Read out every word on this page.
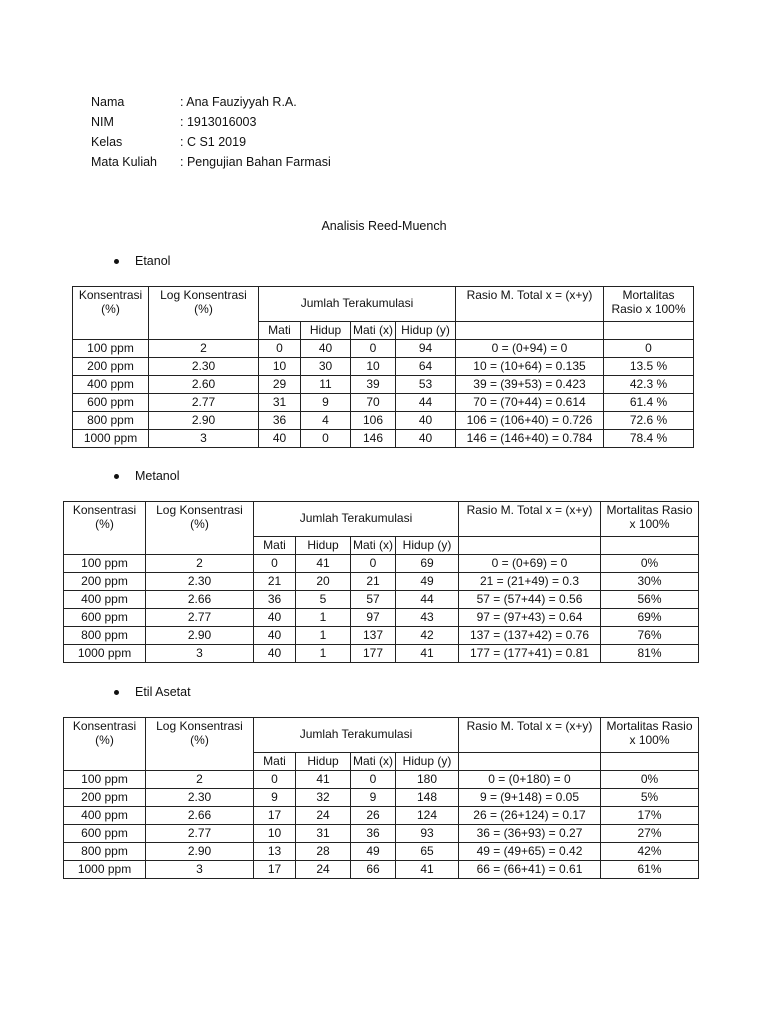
Nama	: Ana Fauziyyah R.A.
NIM	: 1913016003
Kelas	: C S1 2019
Mata Kuliah	: Pengujian Bahan Farmasi
Analisis Reed-Muench
Etanol
Konsentrasi (%)	Log Konsentrasi (%)	Jumlah Terakumulasi				Rasio M. Total x = (x+y)	Mortalitas Rasio x 100%
		Mati	Hidup	Mati (x)	Hidup (y)		
100 ppm	2	0	40	0	94	0 = (0+94) = 0	0
200 ppm	2.30	10	30	10	64	10 = (10+64) = 0.135	13.5 %
400 ppm	2.60	29	11	39	53	39 = (39+53) = 0.423	42.3 %
600 ppm	2.77	31	9	70	44	70 = (70+44) = 0.614	61.4 %
800 ppm	2.90	36	4	106	40	106 = (106+40) = 0.726	72.6 %
1000 ppm	3	40	0	146	40	146 = (146+40) = 0.784	78.4 %
Metanol
Konsentrasi (%)	Log Konsentrasi (%)	Jumlah Terakumulasi				Rasio M. Total x = (x+y)	Mortalitas Rasio x 100%
		Mati	Hidup	Mati (x)	Hidup (y)		
100 ppm	2	0	41	0	69	0 = (0+69) = 0	0%
200 ppm	2.30	21	20	21	49	21 = (21+49) = 0.3	30%
400 ppm	2.66	36	5	57	44	57 = (57+44) = 0.56	56%
600 ppm	2.77	40	1	97	43	97 = (97+43) = 0.64	69%
800 ppm	2.90	40	1	137	42	137 = (137+42) = 0.76	76%
1000 ppm	3	40	1	177	41	177 = (177+41) = 0.81	81%
Etil Asetat
Konsentrasi (%)	Log Konsentrasi (%)	Jumlah Terakumulasi				Rasio M. Total x = (x+y)	Mortalitas Rasio x 100%
		Mati	Hidup	Mati (x)	Hidup (y)		
100 ppm	2	0	41	0	180	0 = (0+180) = 0	0%
200 ppm	2.30	9	32	9	148	9 = (9+148) = 0.05	5%
400 ppm	2.66	17	24	26	124	26 = (26+124) = 0.17	17%
600 ppm	2.77	10	31	36	93	36 = (36+93) = 0.27	27%
800 ppm	2.90	13	28	49	65	49 = (49+65) = 0.42	42%
1000 ppm	3	17	24	66	41	66 = (66+41) = 0.61	61%
